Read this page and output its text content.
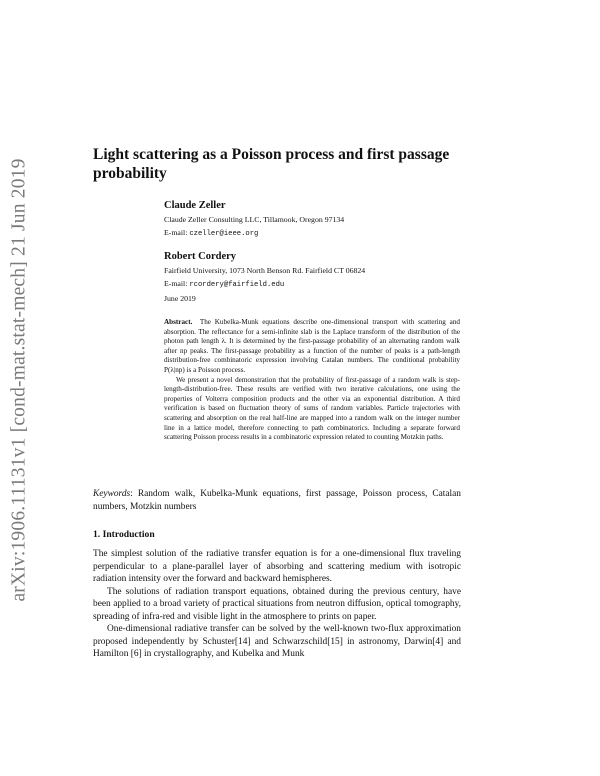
arXiv:1906.11131v1 [cond-mat.stat-mech] 21 Jun 2019
Light scattering as a Poisson process and first passage probability
Claude Zeller
Claude Zeller Consulting LLC, Tillamook, Oregon 97134
E-mail: czeller@ieee.org
Robert Cordery
Fairfield University, 1073 North Benson Rd. Fairfield CT 06824
E-mail: rcordery@fairfield.edu
June 2019

Abstract. The Kubelka-Munk equations describe one-dimensional transport with scattering and absorption. The reflectance for a semi-infinite slab is the Laplace transform of the distribution of the photon path length λ. It is determined by the first-passage probability of an alternating random walk after np peaks. The first-passage probability as a function of the number of peaks is a path-length distribution-free combinatoric expression involving Catalan numbers. The conditional probability P(λ|np) is a Poisson process.

We present a novel demonstration that the probability of first-passage of a random walk is step-length-distribution-free. These results are verified with two iterative calculations, one using the properties of Volterra composition products and the other via an exponential distribution. A third verification is based on fluctuation theory of sums of random variables. Particle trajectories with scattering and absorption on the real half-line are mapped into a random walk on the integer number line in a lattice model, therefore connecting to path combinatorics. Including a separate forward scattering Poisson process results in a combinatoric expression related to counting Motzkin paths.

Keywords: Random walk, Kubelka-Munk equations, first passage, Poisson process, Catalan numbers, Motzkin numbers
1. Introduction

The simplest solution of the radiative transfer equation is for a one-dimensional flux traveling perpendicular to a plane-parallel layer of absorbing and scattering medium with isotropic radiation intensity over the forward and backward hemispheres.

The solutions of radiation transport equations, obtained during the previous century, have been applied to a broad variety of practical situations from neutron diffusion, optical tomography, spreading of infra-red and visible light in the atmosphere to prints on paper.

One-dimensional radiative transfer can be solved by the well-known two-flux approximation proposed independently by Schuster[14] and Schwarzschild[15] in astronomy, Darwin[4] and Hamilton [6] in crystallography, and Kubelka and Munk
